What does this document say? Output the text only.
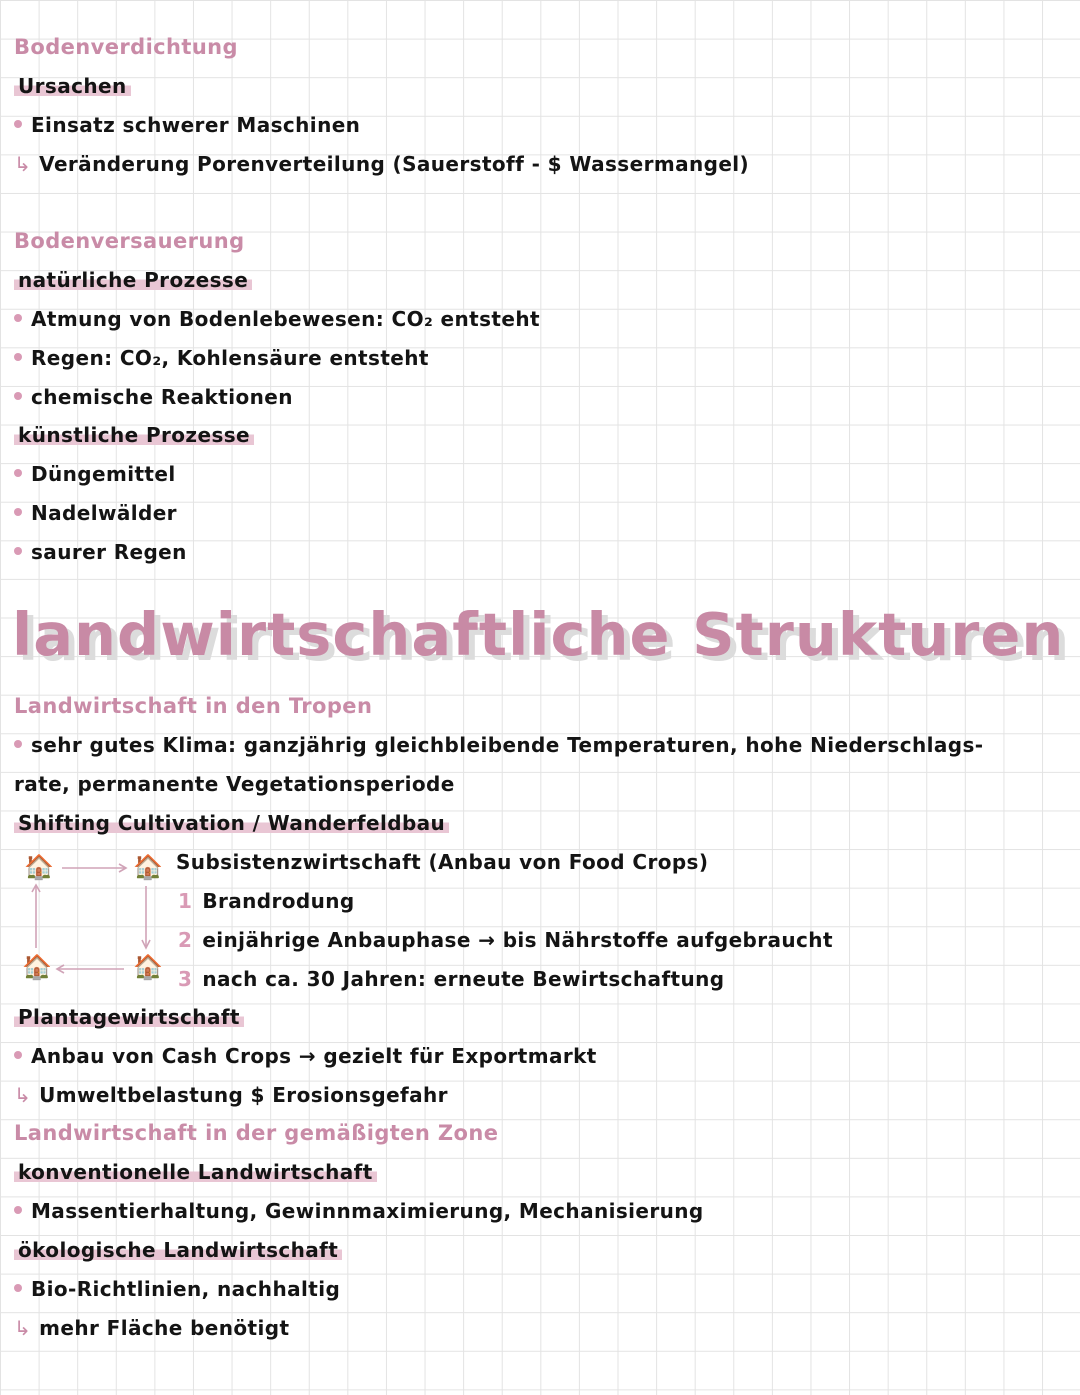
Bodenverdichtung
Ursachen
Einsatz schwerer Maschinen
↳ Veränderung Porenverteilung (Sauerstoff - $ Wassermangel)
Bodenversauerung
natürliche Prozesse
Atmung von Bodenlebewesen: CO₂ entsteht
Regen: CO₂, Kohlensäure entsteht
chemische Reaktionen
künstliche Prozesse
Düngemittel
Nadelwälder
saurer Regen
landwirtschaftliche Strukturen
Landwirtschaft in den Tropen
sehr gutes Klima: ganzjährig gleichbleibende Temperaturen, hohe Niederschlags-
rate, permanente Vegetationsperiode
Shifting Cultivation / Wanderfeldbau
🏠	🏠
🏠	🏠
Subsistenzwirtschaft (Anbau von Food Crops)
1 Brandrodung
2 einjährige Anbauphase → bis Nährstoffe aufgebraucht
3 nach ca. 30 Jahren: erneute Bewirtschaftung
Plantagewirtschaft
Anbau von Cash Crops → gezielt für Exportmarkt
↳ Umweltbelastung $ Erosionsgefahr
Landwirtschaft in der gemäßigten Zone
konventionelle Landwirtschaft
Massentierhaltung, Gewinnmaximierung, Mechanisierung
ökologische Landwirtschaft
Bio-Richtlinien, nachhaltig
↳ mehr Fläche benötigt
